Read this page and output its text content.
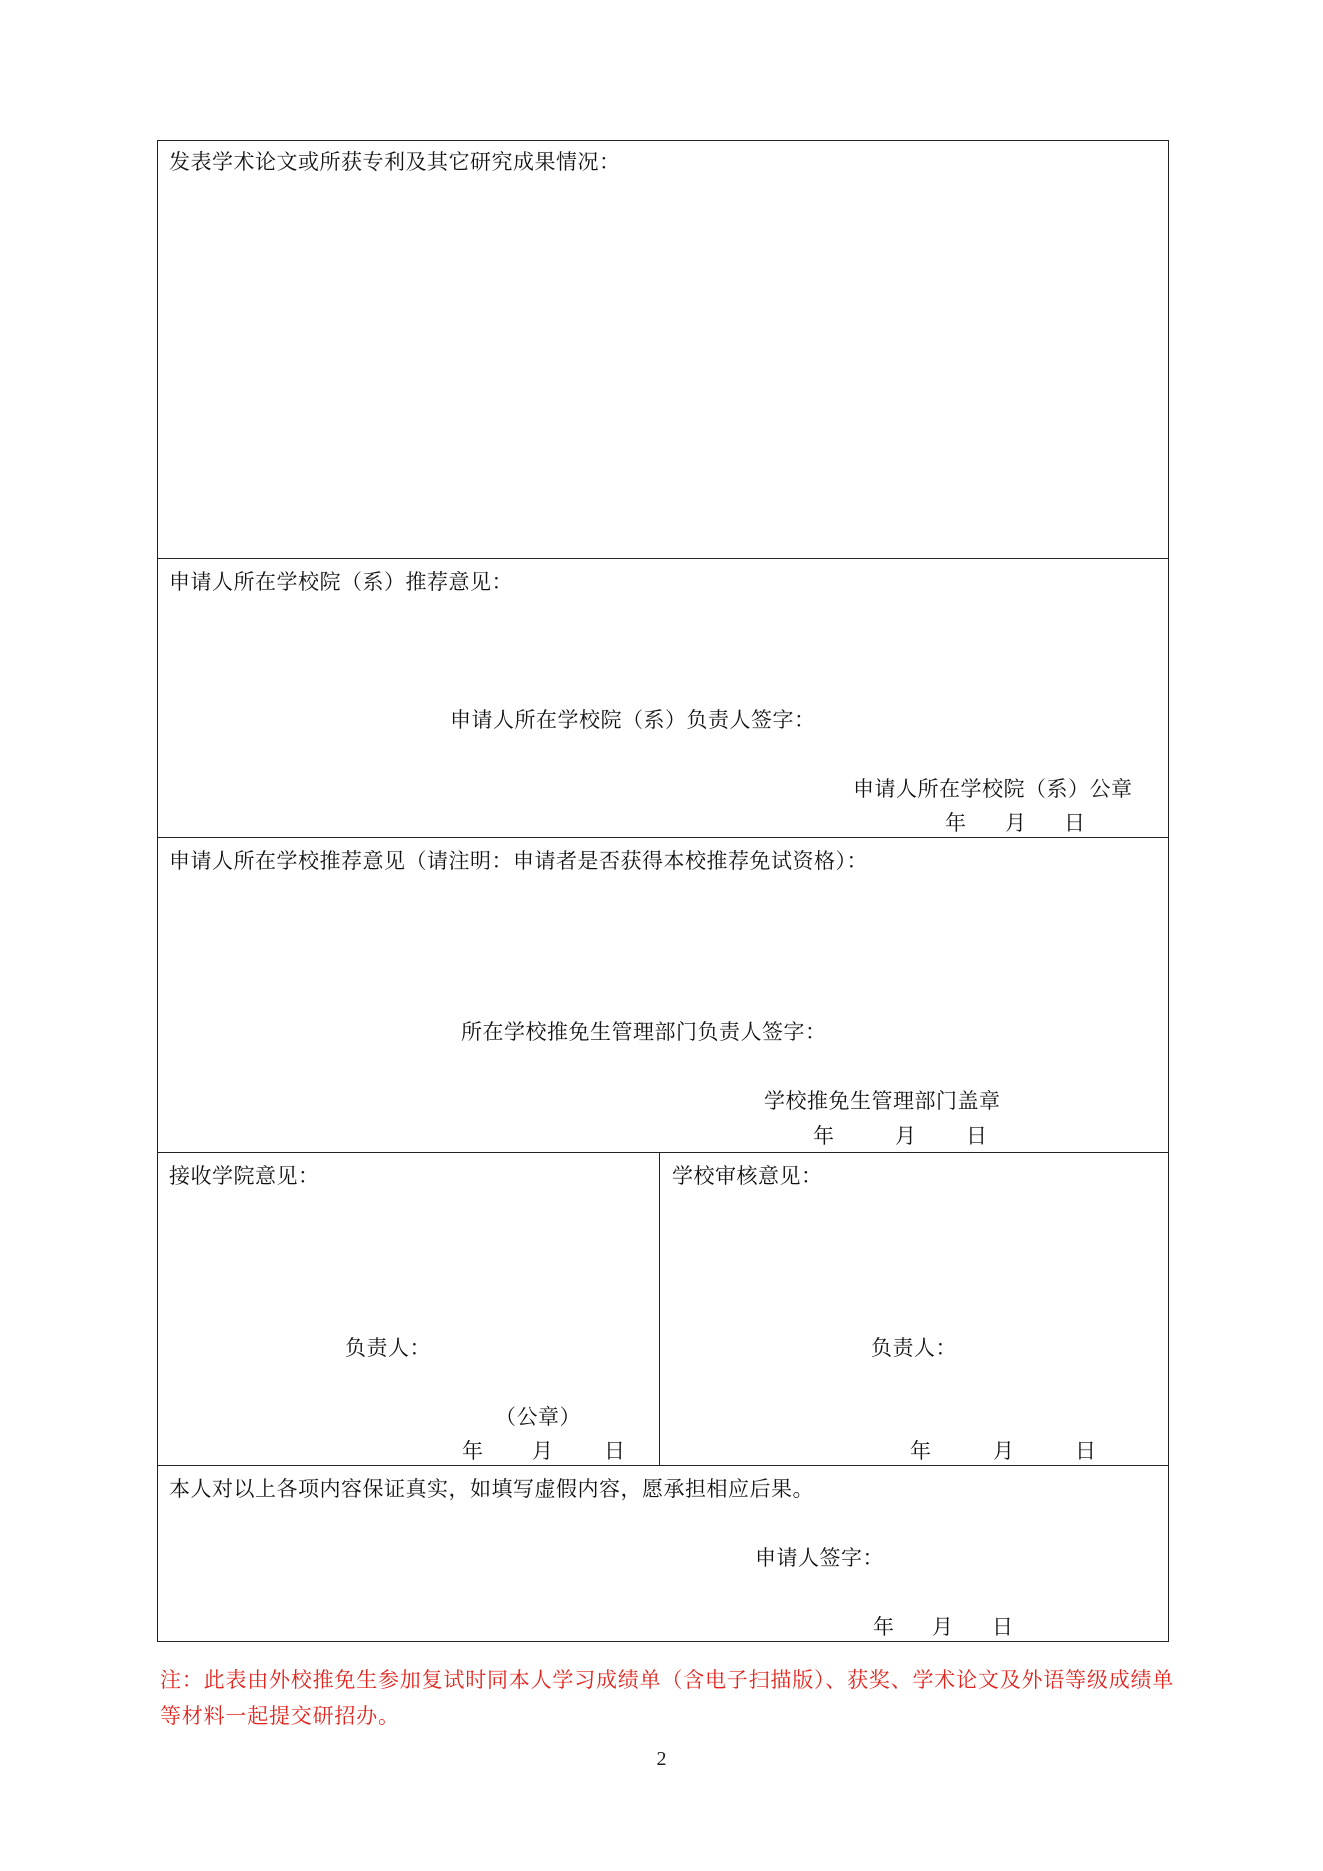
发表学术论文或所获专利及其它研究成果情况：
申请人所在学校院（系）推荐意见：
申请人所在学校院（系）负责人签字：
申请人所在学校院（系）公章
年 月 日
申请人所在学校推荐意见（请注明：申请者是否获得本校推荐免试资格）：
所在学校推免生管理部门负责人签字：
学校推免生管理部门盖章
年	月 日
接收学院意见：
负责人：
（公章）
年 月 日
学校审核意见：
负责人：
年	月	日
本人对以上各项内容保证真实，如填写虚假内容，愿承担相应后果。
申请人签字：
年 月 日
注：此表由外校推免生参加复试时同本人学习成绩单（含电子扫描版）、获奖、学术论文及外语等级成绩单等材料一起提交研招办。
2
